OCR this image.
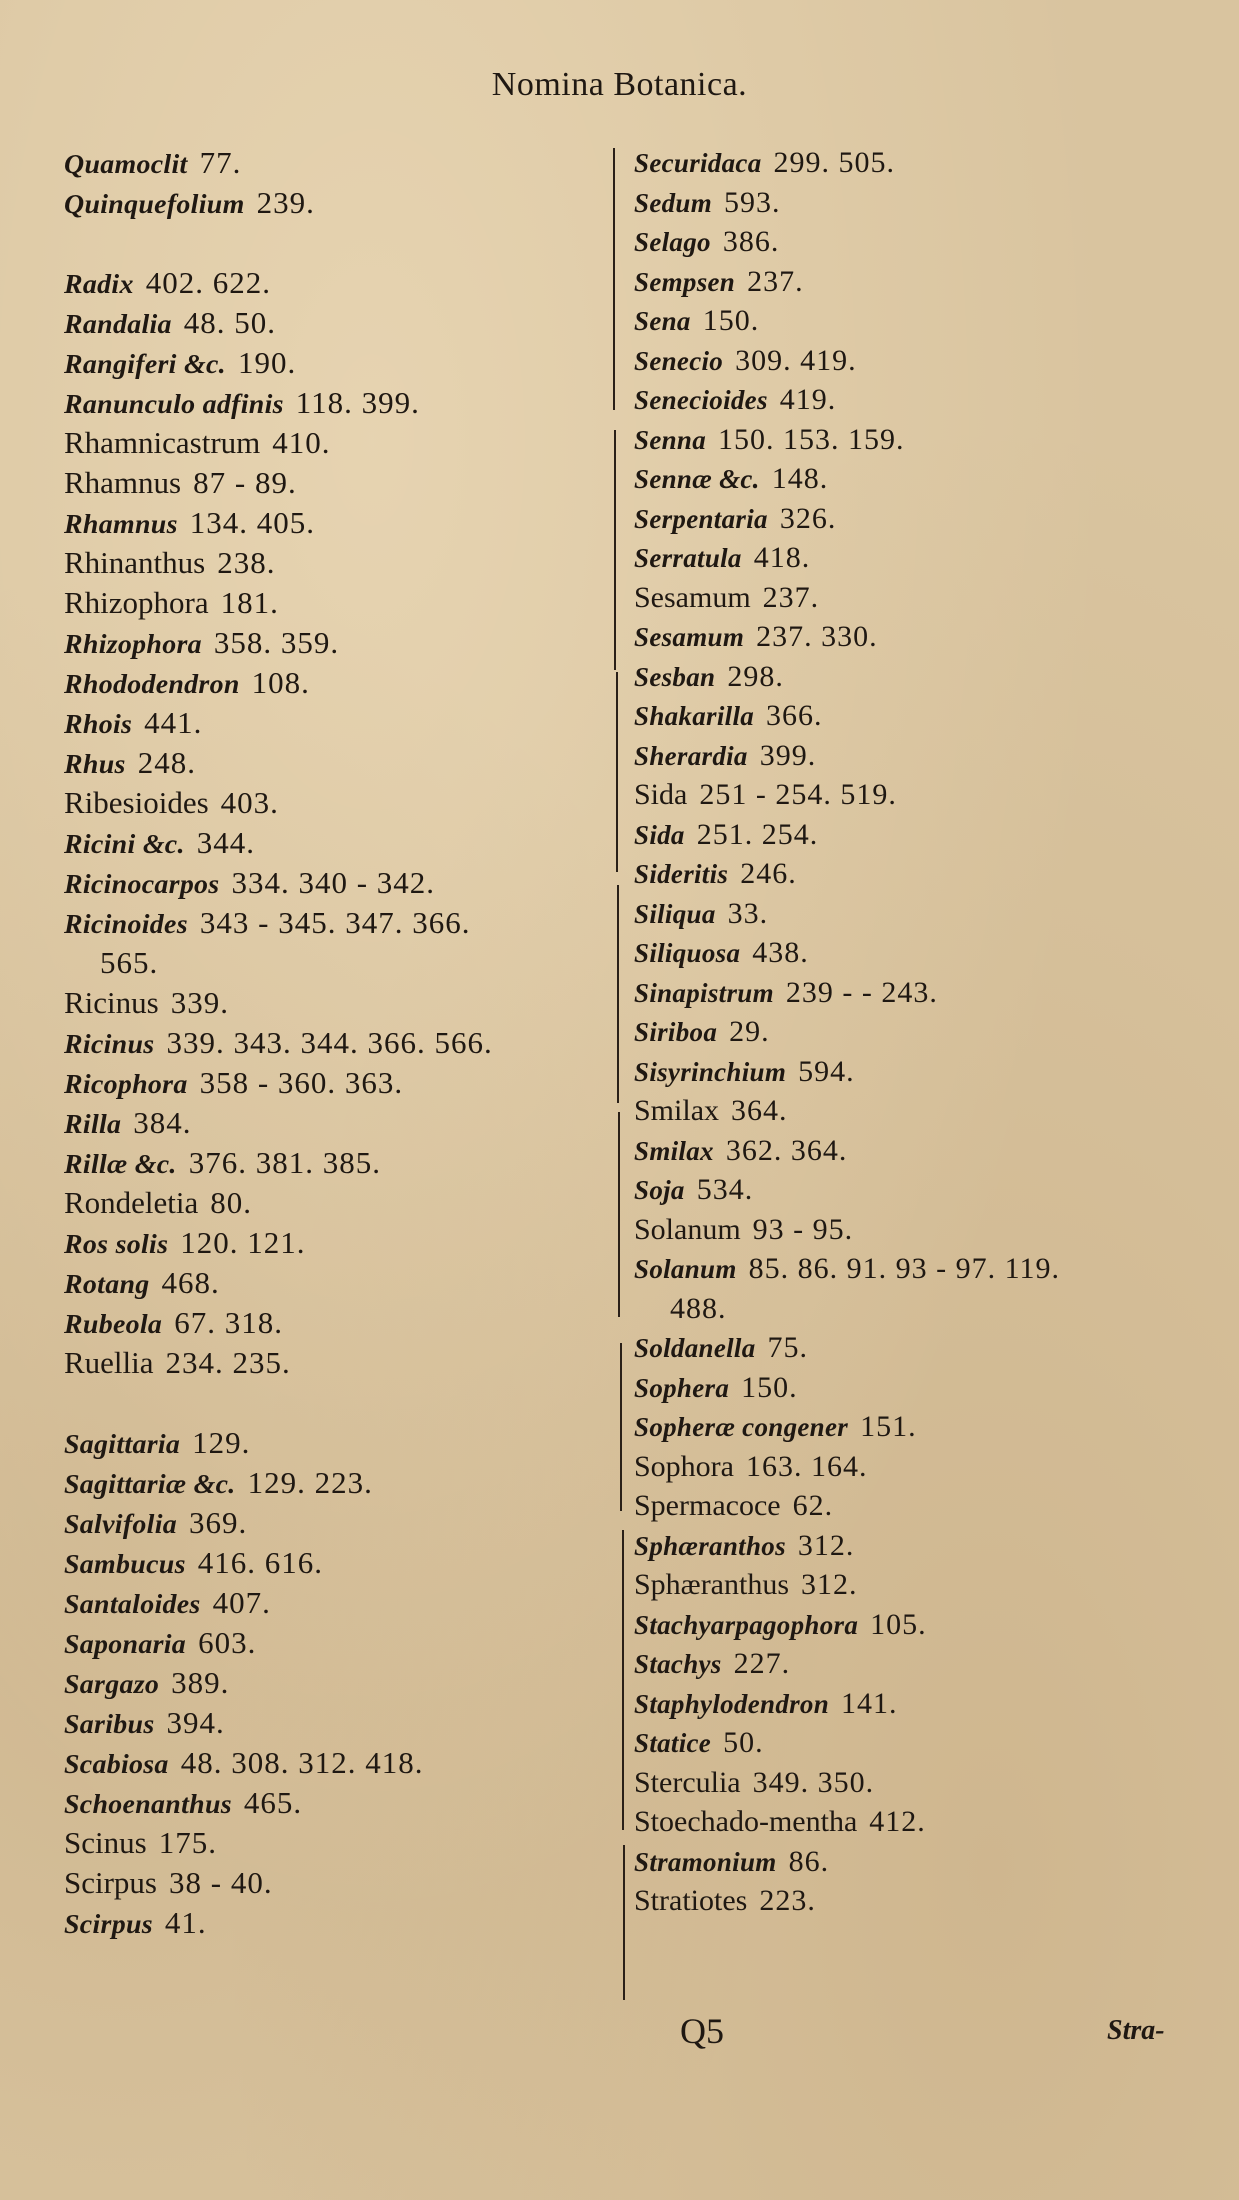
Nomina Botanica.
Quamoclit 77.
Quinquefolium 239.
Radix 402. 622.
Randalia 48. 50.
Rangiferi &c. 190.
Ranunculo adfinis 118. 399.
Rhamnicastrum 410.
Rhamnus 87 - 89.
Rhamnus 134. 405.
Rhinanthus 238.
Rhizophora 181.
Rhizophora 358. 359.
Rhododendron 108.
Rhois 441.
Rhus 248.
Ribesioides 403.
Ricini &c. 344.
Ricinocarpos 334. 340 - 342.
Ricinoides 343 - 345. 347. 366.
565.
Ricinus 339.
Ricinus 339. 343. 344. 366. 566.
Ricophora 358 - 360. 363.
Rilla 384.
Rillæ &c. 376. 381. 385.
Rondeletia 80.
Ros solis 120. 121.
Rotang 468.
Rubeola 67. 318.
Ruellia 234. 235.
Sagittaria 129.
Sagittariæ &c. 129. 223.
Salvifolia 369.
Sambucus 416. 616.
Santaloides 407.
Saponaria 603.
Sargazo 389.
Saribus 394.
Scabiosa 48. 308. 312. 418.
Schoenanthus 465.
Scinus 175.
Scirpus 38 - 40.
Scirpus 41.
Securidaca 299. 505.
Sedum 593.
Selago 386.
Sempsen 237.
Sena 150.
Senecio 309. 419.
Senecioides 419.
Senna 150. 153. 159.
Sennæ &c. 148.
Serpentaria 326.
Serratula 418.
Sesamum 237.
Sesamum 237. 330.
Sesban 298.
Shakarilla 366.
Sherardia 399.
Sida 251 - 254. 519.
Sida 251. 254.
Sideritis 246.
Siliqua 33.
Siliquosa 438.
Sinapistrum 239 - - 243.
Siriboa 29.
Sisyrinchium 594.
Smilax 364.
Smilax 362. 364.
Soja 534.
Solanum 93 - 95.
Solanum 85. 86. 91. 93 - 97. 119.
488.
Soldanella 75.
Sophera 150.
Sopheræ congener 151.
Sophora 163. 164.
Spermacoce 62.
Sphæranthos 312.
Sphæranthus 312.
Stachyarpagophora 105.
Stachys 227.
Staphylodendron 141.
Statice 50.
Sterculia 349. 350.
Stoechado-mentha 412.
Stramonium 86.
Stratiotes 223.
Q5	Stra-
